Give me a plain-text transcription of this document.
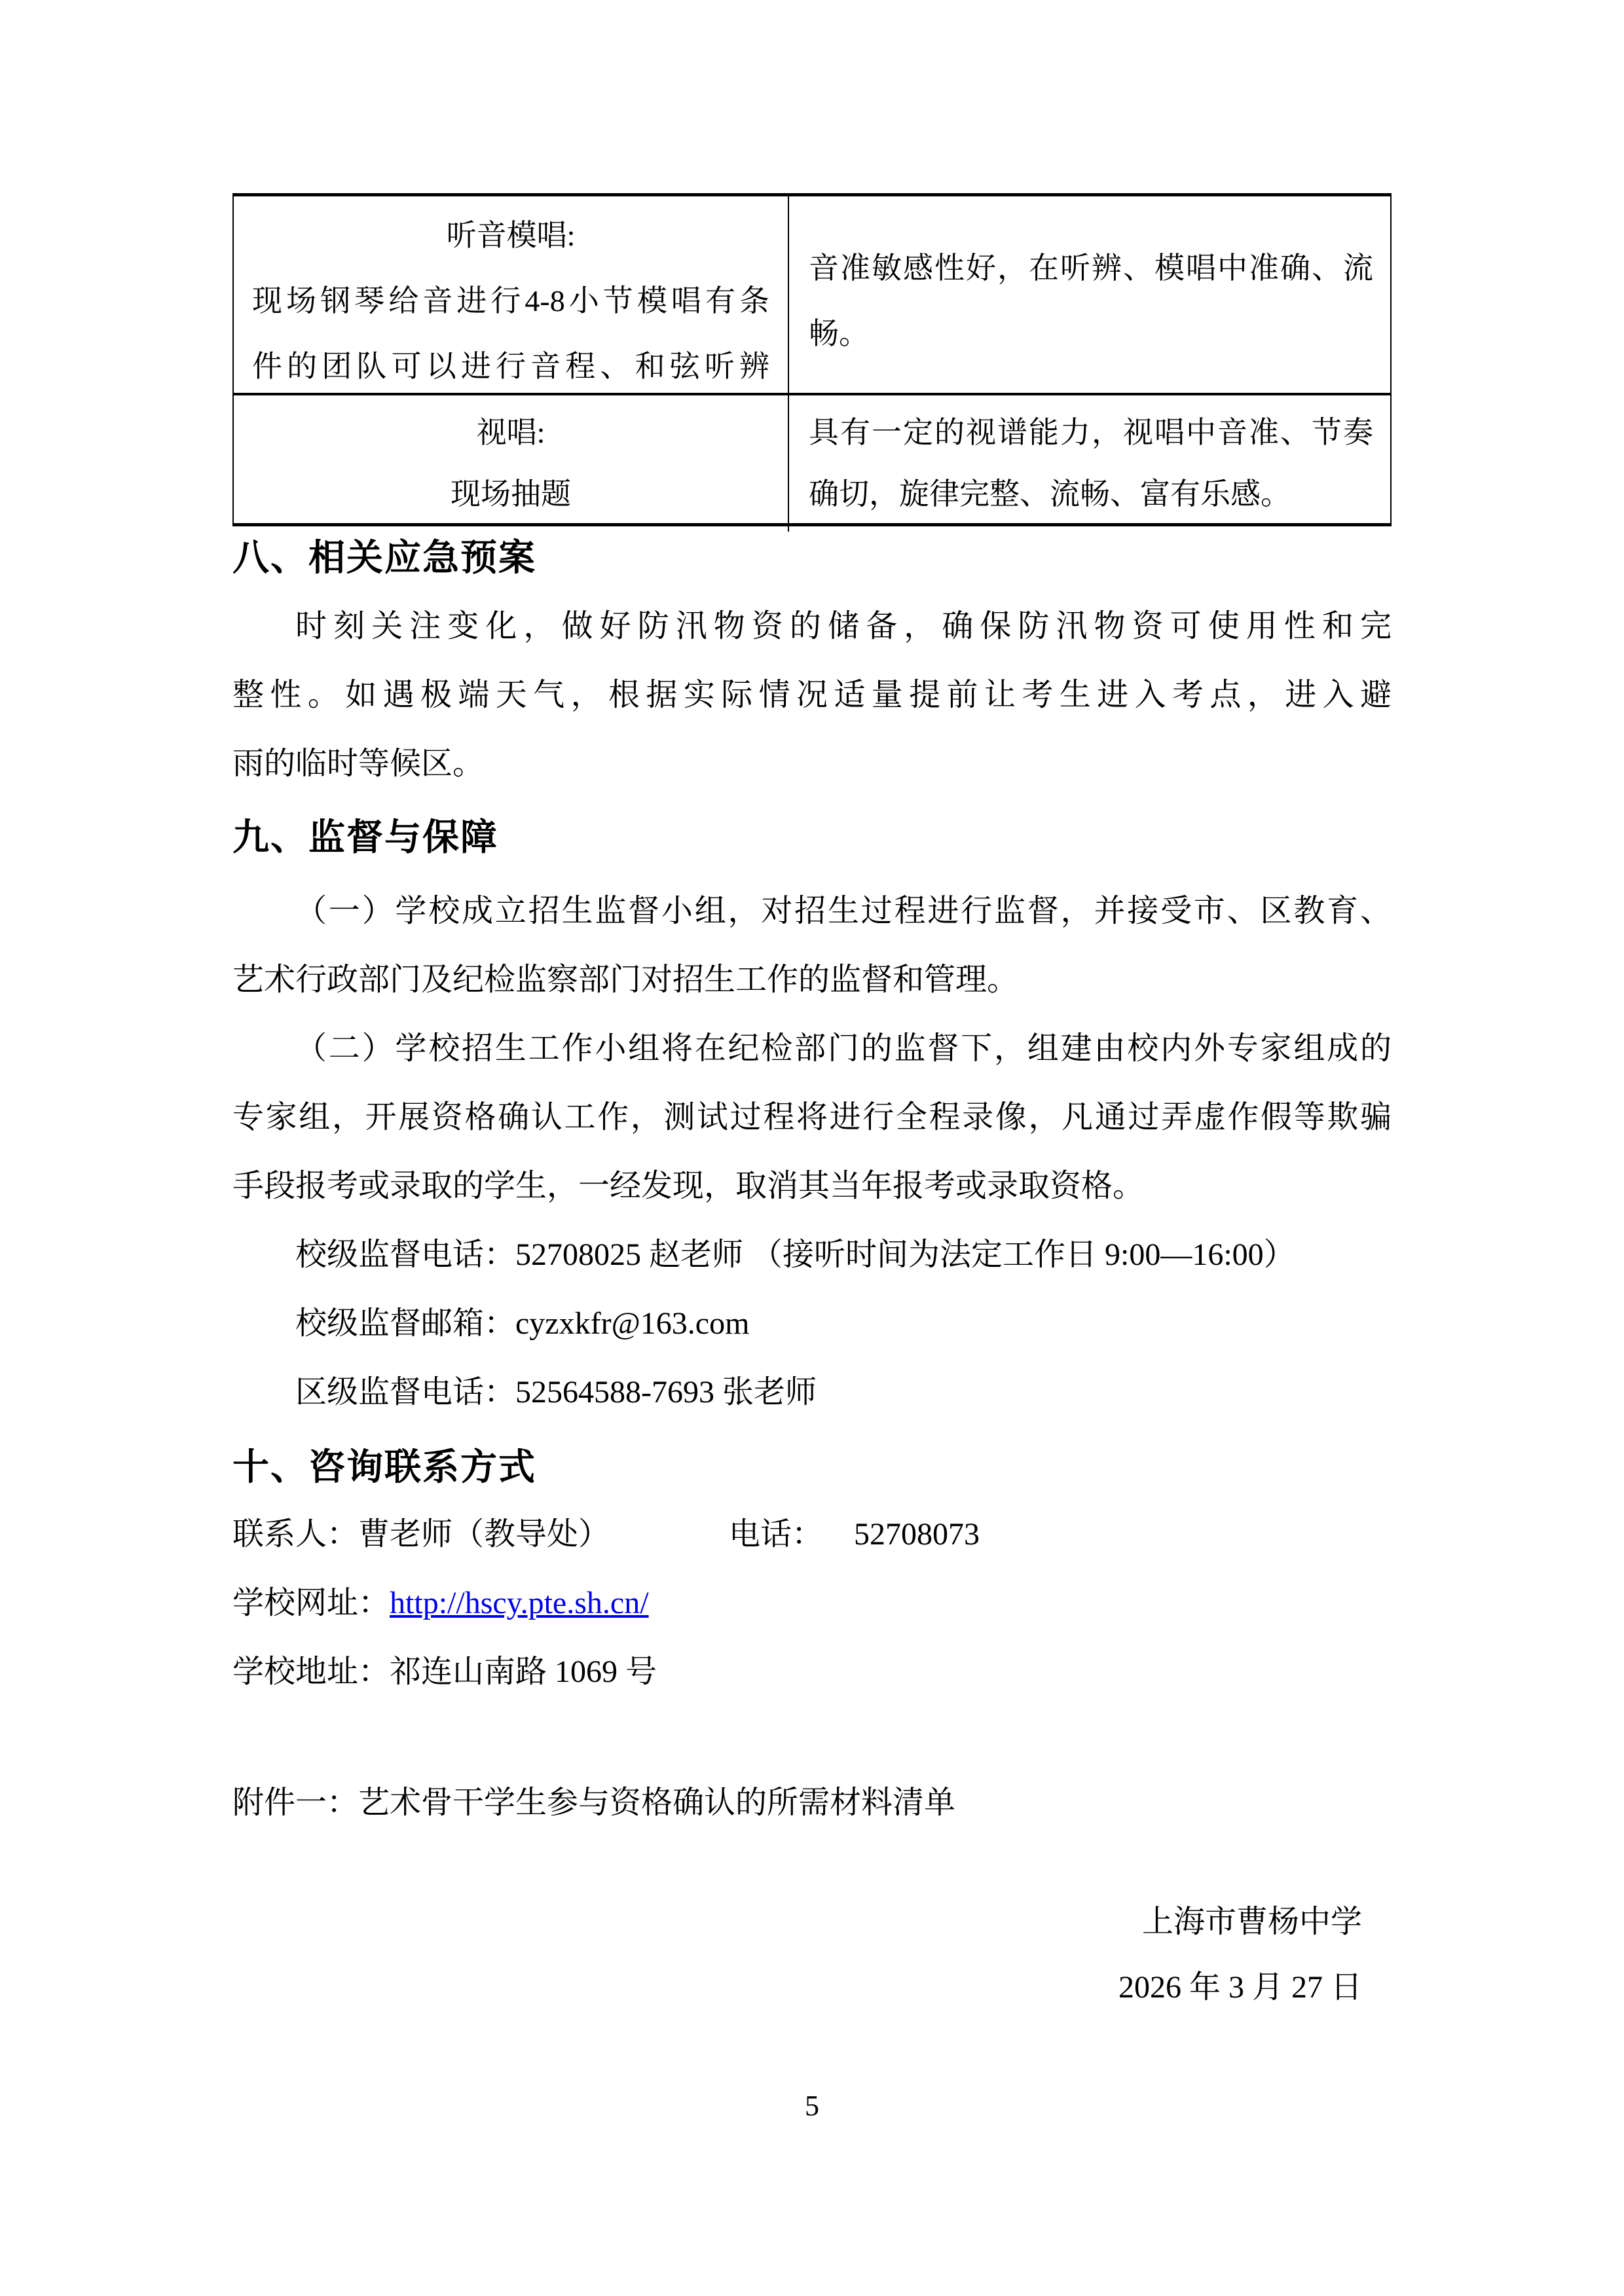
听音模唱:
现场钢琴给音进行4-8小节模唱有条
件的团队可以进行音程、和弦听辨
音准敏感性好，在听辨、模唱中准确、流
畅。
视唱:
现场抽题
具有一定的视谱能力，视唱中音准、节奏
确切，旋律完整、流畅、富有乐感。
八、相关应急预案
时刻关注变化，做好防汛物资的储备，确保防汛物资可使用性和完
整性。如遇极端天气，根据实际情况适量提前让考生进入考点，进入避
雨的临时等候区。
九、监督与保障
（一）学校成立招生监督小组，对招生过程进行监督，并接受市、区教育、
艺术行政部门及纪检监察部门对招生工作的监督和管理。
（二）学校招生工作小组将在纪检部门的监督下，组建由校内外专家组成的
专家组，开展资格确认工作，测试过程将进行全程录像，凡通过弄虚作假等欺骗
手段报考或录取的学生，一经发现，取消其当年报考或录取资格。
校级监督电话：52708025 赵老师 （接听时间为法定工作日 9:00—16:00）
校级监督邮箱：cyzxkfr@163.com
区级监督电话：52564588-7693 张老师
十、咨询联系方式
联系人：曹老师（教导处）	电话： 52708073
学校网址：http://hscy.pte.sh.cn/
学校地址：祁连山南路 1069 号
附件一：艺术骨干学生参与资格确认的所需材料清单
上海市曹杨中学
2026 年 3 月 27 日
5
